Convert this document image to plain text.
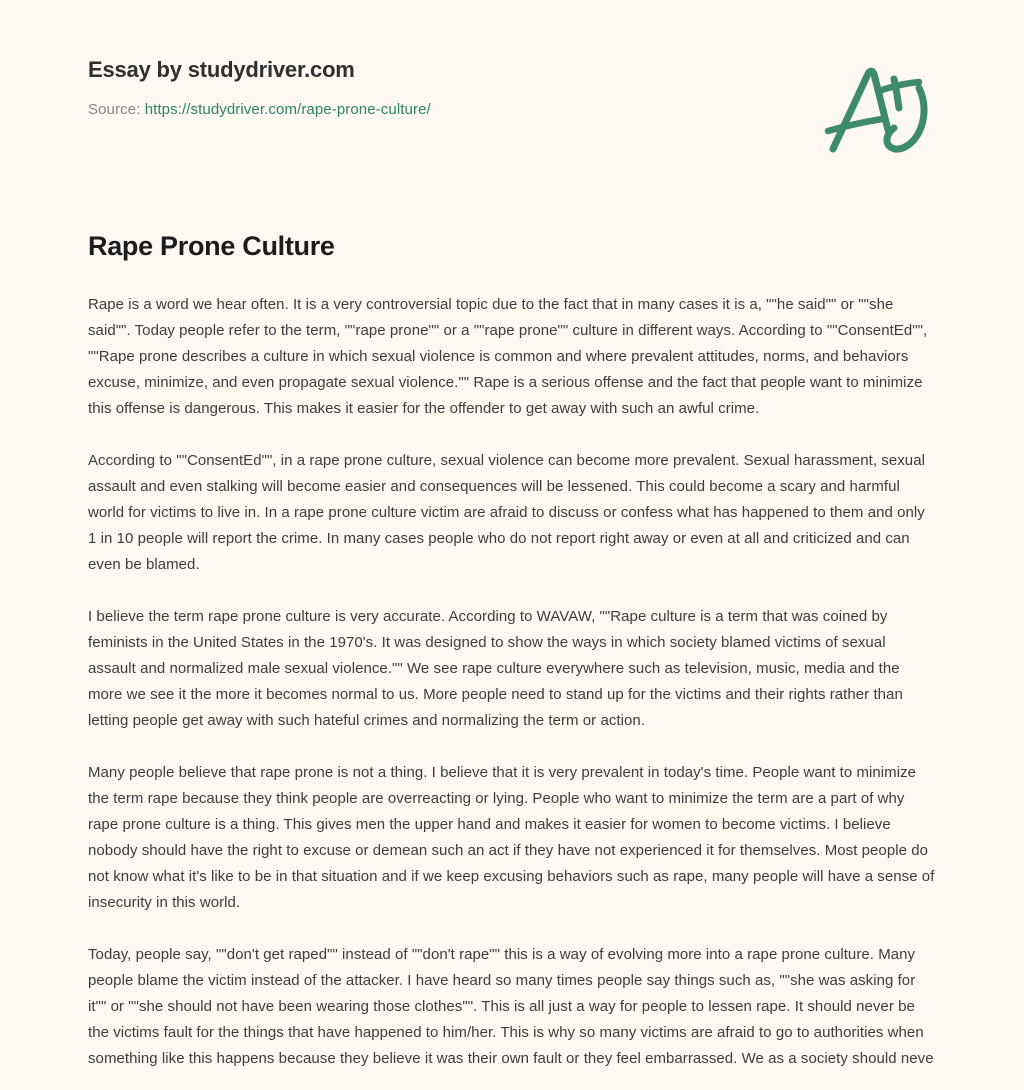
Essay by studydriver.com
Source: https://studydriver.com/rape-prone-culture/
Rape Prone Culture

Rape is a word we hear often. It is a very controversial topic due to the fact that in many cases it is a, ""he said"" or ""she said"". Today people refer to the term, ""rape prone"" or a ""rape prone"" culture in different ways. According to ""ConsentEd"", ""Rape prone describes a culture in which sexual violence is common and where prevalent attitudes, norms, and behaviors excuse, minimize, and even propagate sexual violence."" Rape is a serious offense and the fact that people want to minimize this offense is dangerous. This makes it easier for the offender to get away with such an awful crime.

According to ""ConsentEd"", in a rape prone culture, sexual violence can become more prevalent. Sexual harassment, sexual assault and even stalking will become easier and consequences will be lessened. This could become a scary and harmful world for victims to live in. In a rape prone culture victim are afraid to discuss or confess what has happened to them and only 1 in 10 people will report the crime. In many cases people who do not report right away or even at all and criticized and can even be blamed.

I believe the term rape prone culture is very accurate. According to WAVAW, ""Rape culture is a term that was coined by feminists in the United States in the 1970's. It was designed to show the ways in which society blamed victims of sexual assault and normalized male sexual violence."" We see rape culture everywhere such as television, music, media and the more we see it the more it becomes normal to us. More people need to stand up for the victims and their rights rather than letting people get away with such hateful crimes and normalizing the term or action.

Many people believe that rape prone is not a thing. I believe that it is very prevalent in today's time. People want to minimize the term rape because they think people are overreacting or lying. People who want to minimize the term are a part of why rape prone culture is a thing. This gives men the upper hand and makes it easier for women to become victims. I believe nobody should have the right to excuse or demean such an act if they have not experienced it for themselves. Most people do not know what it's like to be in that situation and if we keep excusing behaviors such as rape, many people will have a sense of insecurity in this world.

Today, people say, ""don't get raped"" instead of ""don't rape"" this is a way of evolving more into a rape prone culture. Many people blame the victim instead of the attacker. I have heard so many times people say things such as, ""she was asking for it"" or ""she should not have been wearing those clothes"". This is all just a way for people to lessen rape. It should never be the victims fault for the things that have happened to him/her. This is why so many victims are afraid to go to authorities when something like this happens because they believe it was their own fault or they feel embarrassed. We as a society should neve
